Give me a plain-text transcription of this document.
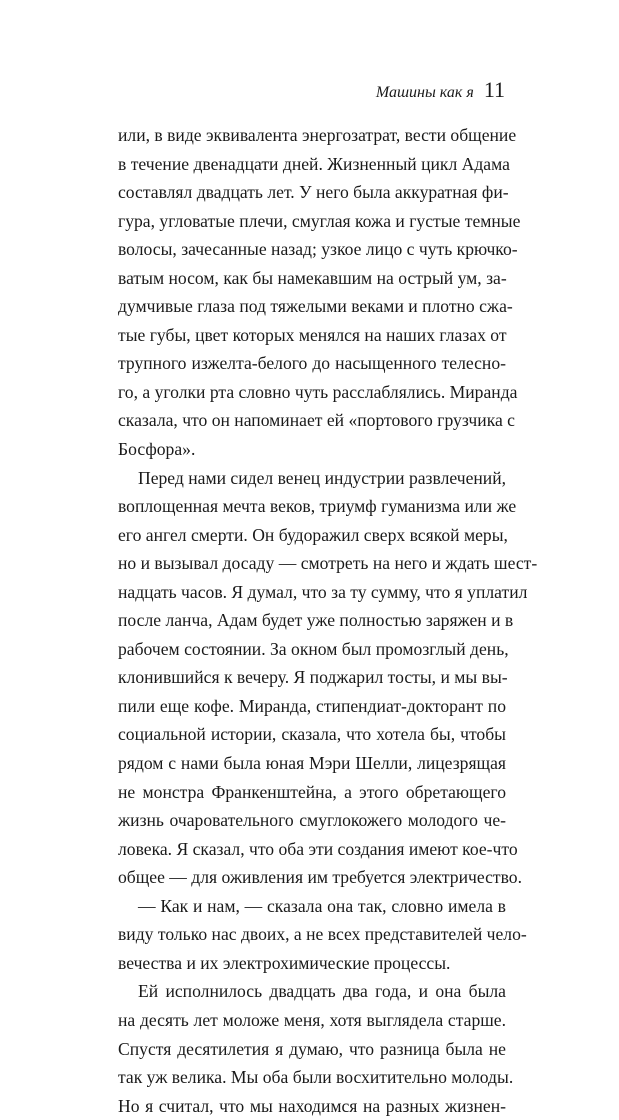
Машины как я 11
или, в виде эквивалента энергозатрат, вести общение
в течение двенадцати дней. Жизненный цикл Адама
составлял двадцать лет. У него была аккуратная фи-
гура, угловатые плечи, смуглая кожа и густые темные
волосы, зачесанные назад; узкое лицо с чуть крючко-
ватым носом, как бы намекавшим на острый ум, за-
думчивые глаза под тяжелыми веками и плотно сжа-
тые губы, цвет которых менялся на наших глазах от
трупного изжелта-белого до насыщенного телесно-
го, а уголки рта словно чуть расслаблялись. Миранда
сказала, что он напоминает ей «портового грузчика с
Босфора».
Перед нами сидел венец индустрии развлечений,
воплощенная мечта веков, триумф гуманизма или же
его ангел смерти. Он будоражил сверх всякой меры,
но и вызывал досаду — смотреть на него и ждать шест-
надцать часов. Я думал, что за ту сумму, что я уплатил
после ланча, Адам будет уже полностью заряжен и в
рабочем состоянии. За окном был промозглый день,
клонившийся к вечеру. Я поджарил тосты, и мы вы-
пили еще кофе. Миранда, стипендиат-докторант по
социальной истории, сказала, что хотела бы, чтобы
рядом с нами была юная Мэри Шелли, лицезрящая
не монстра Франкенштейна, а этого обретающего
жизнь очаровательного смуглокожего молодого че-
ловека. Я сказал, что оба эти создания имеют кое-что
общее — для оживления им требуется электричество.
— Как и нам, — сказала она так, словно имела в
виду только нас двоих, а не всех представителей чело-
вечества и их электрохимические процессы.
Ей исполнилось двадцать два года, и она была
на десять лет моложе меня, хотя выглядела старше.
Спустя десятилетия я думаю, что разница была не
так уж велика. Мы оба были восхитительно молоды.
Но я считал, что мы находимся на разных жизнен-
